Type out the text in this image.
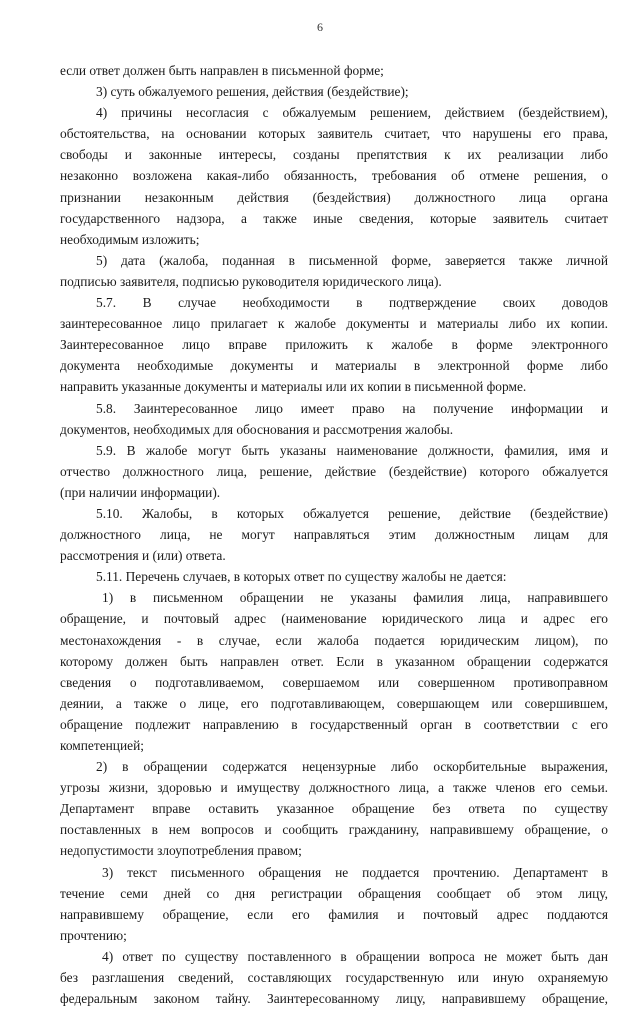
6
если ответ должен быть направлен в письменной форме;
3) суть обжалуемого решения, действия (бездействие);
4) причины несогласия с обжалуемым решением, действием (бездействием),
обстоятельства, на основании которых заявитель считает, что нарушены его права,
свободы и законные интересы, созданы препятствия к их реализации либо
незаконно возложена какая-либо обязанность, требования об отмене решения, о
признании незаконным действия (бездействия) должностного лица органа
государственного надзора, а также иные сведения, которые заявитель считает
необходимым изложить;
5) дата (жалоба, поданная в письменной форме, заверяется также личной
подписью заявителя, подписью руководителя юридического лица).
5.7. В случае необходимости в подтверждение своих доводов
заинтересованное лицо прилагает к жалобе документы и материалы либо их копии.
Заинтересованное лицо вправе приложить к жалобе в форме электронного
документа необходимые документы и материалы в электронной форме либо
направить указанные документы и материалы или их копии в письменной форме.
5.8. Заинтересованное лицо имеет право на получение информации и
документов, необходимых для обоснования и рассмотрения жалобы.
5.9. В жалобе могут быть указаны наименование должности, фамилия, имя и
отчество должностного лица, решение, действие (бездействие) которого обжалуется
(при наличии информации).
5.10. Жалобы, в которых обжалуется решение, действие (бездействие)
должностного лица, не могут направляться этим должностным лицам для
рассмотрения и (или) ответа.
5.11. Перечень случаев, в которых ответ по существу жалобы не дается:
1) в письменном обращении не указаны фамилия лица, направившего
обращение, и почтовый адрес (наименование юридического лица и адрес его
местонахождения - в случае, если жалоба подается юридическим лицом), по
которому должен быть направлен ответ. Если в указанном обращении содержатся
сведения о подготавливаемом, совершаемом или совершенном противоправном
деянии, а также о лице, его подготавливающем, совершающем или совершившем,
обращение подлежит направлению в государственный орган в соответствии с его
компетенцией;
2) в обращении содержатся нецензурные либо оскорбительные выражения,
угрозы жизни, здоровью и имуществу должностного лица, а также членов его семьи.
Департамент вправе оставить указанное обращение без ответа по существу
поставленных в нем вопросов и сообщить гражданину, направившему обращение, о
недопустимости злоупотребления правом;
3) текст письменного обращения не поддается прочтению. Департамент в
течение семи дней со дня регистрации обращения сообщает об этом лицу,
направившему обращение, если его фамилия и почтовый адрес поддаются
прочтению;
4) ответ по существу поставленного в обращении вопроса не может быть дан
без разглашения сведений, составляющих государственную или иную охраняемую
федеральным законом тайну. Заинтересованному лицу, направившему обращение,
